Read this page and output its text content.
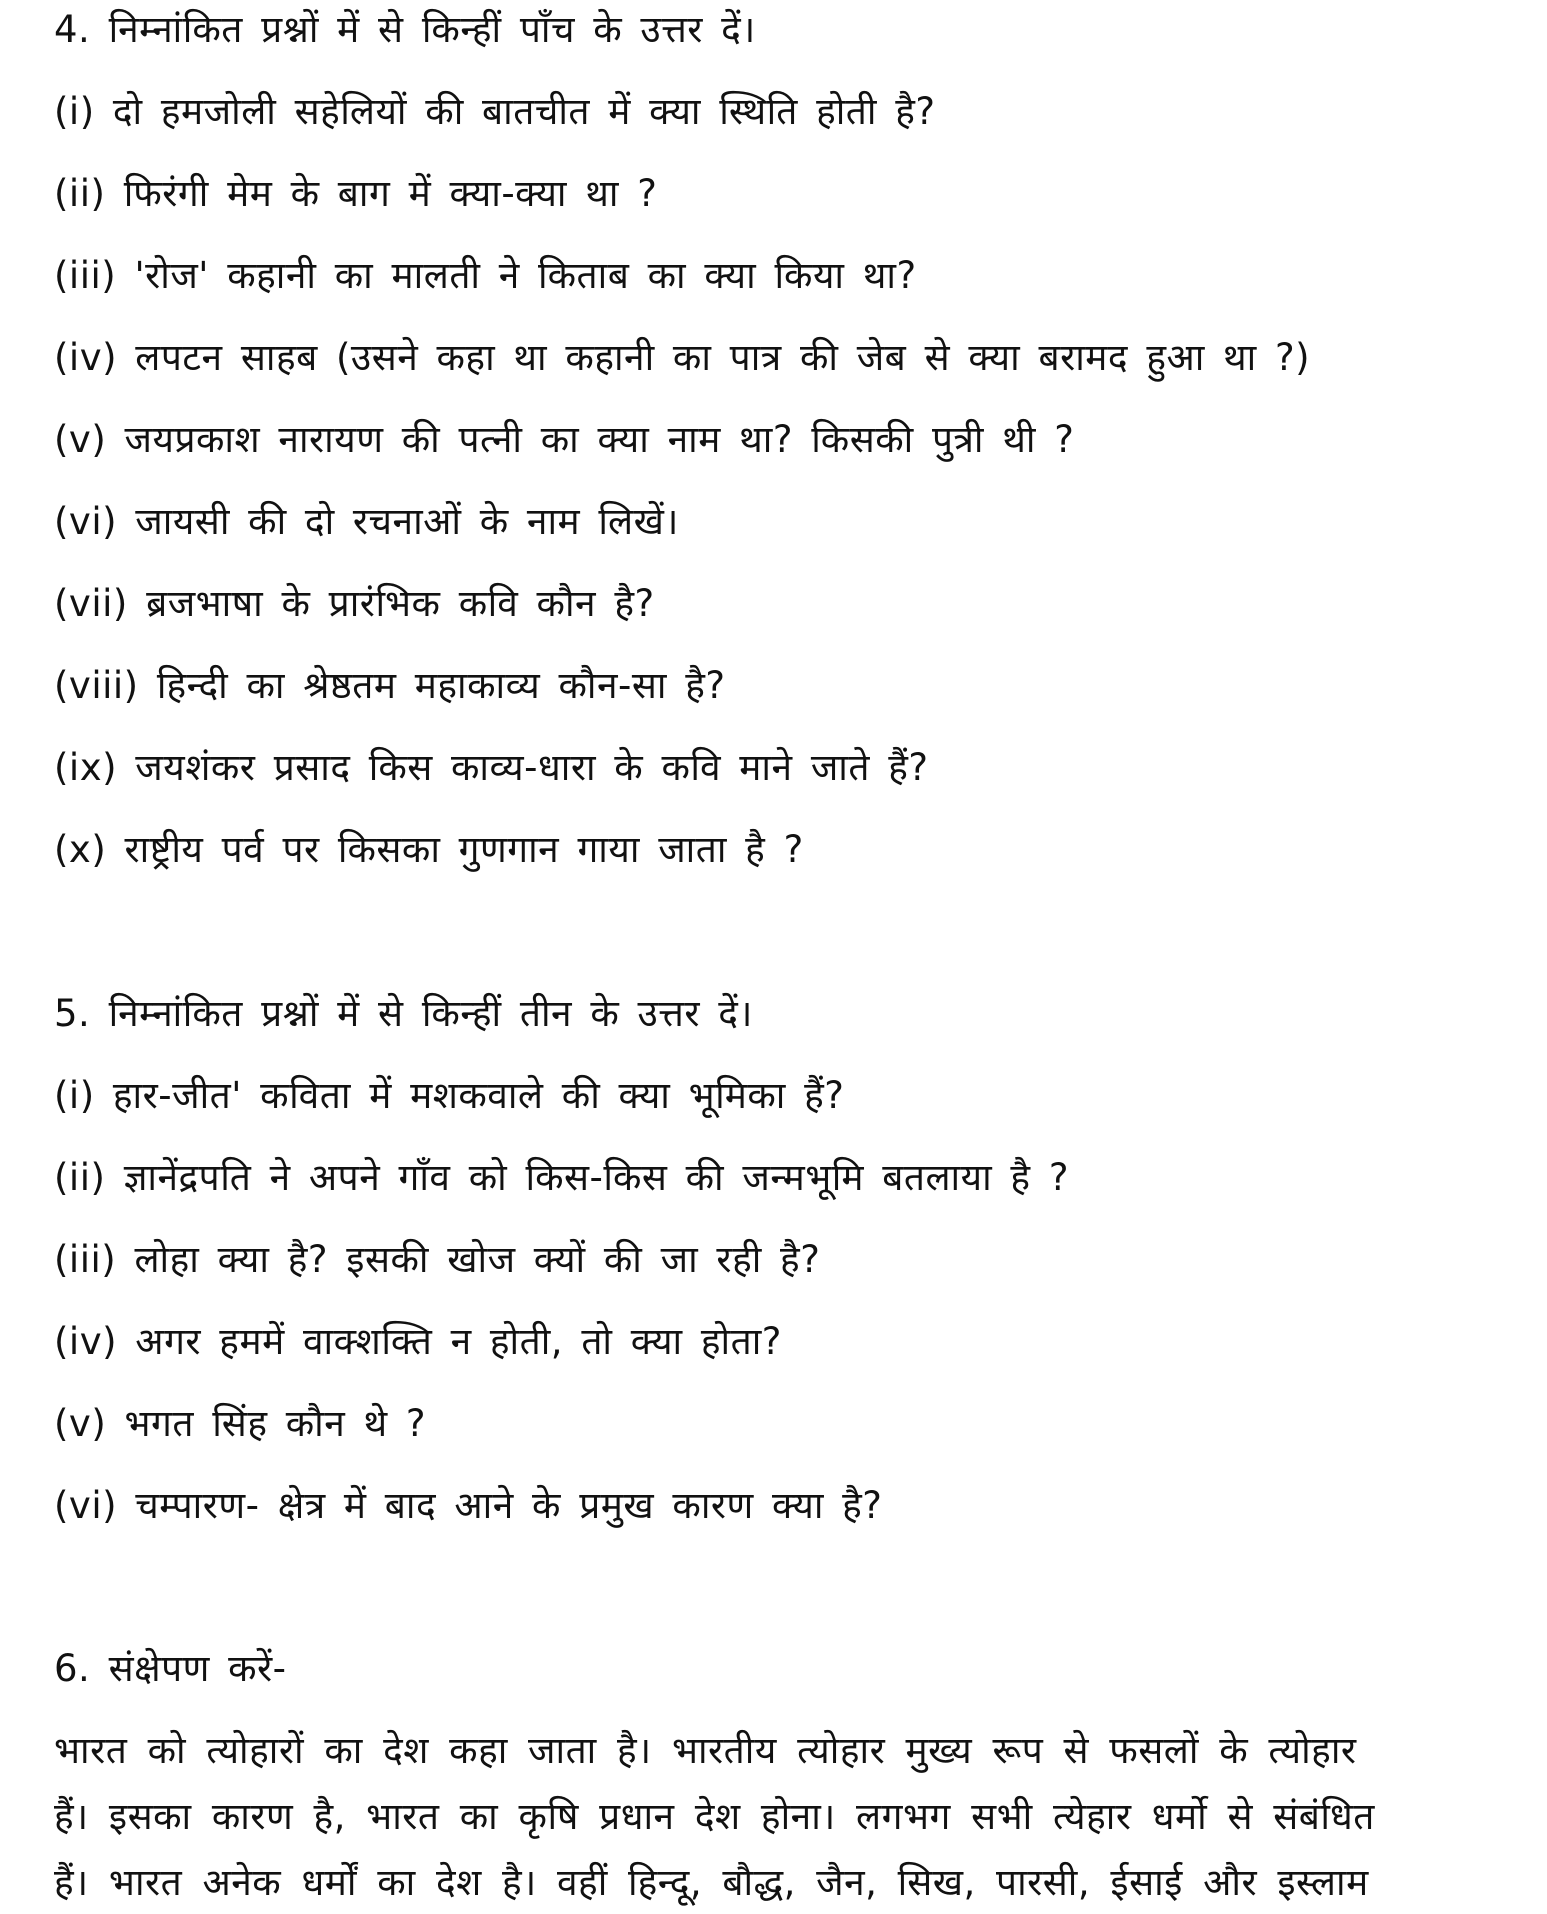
4. निम्नांकित प्रश्नों में से किन्हीं पाँच के उत्तर दें।
(i) दो हमजोली सहेलियों की बातचीत में क्या स्थिति होती है?
(ii) फिरंगी मेम के बाग में क्या-क्या था ?
(iii) 'रोज' कहानी का मालती ने किताब का क्या किया था?
(iv) लपटन साहब (उसने कहा था कहानी का पात्र की जेब से क्या बरामद हुआ था ?)
(v) जयप्रकाश नारायण की पत्नी का क्या नाम था? किसकी पुत्री थी ?
(vi) जायसी की दो रचनाओं के नाम लिखें।
(vii) ब्रजभाषा के प्रारंभिक कवि कौन है?
(viii) हिन्दी का श्रेष्ठतम महाकाव्य कौन-सा है?
(ix) जयशंकर प्रसाद किस काव्य-धारा के कवि माने जाते हैं?
(x) राष्ट्रीय पर्व पर किसका गुणगान गाया जाता है ?
5. निम्नांकित प्रश्नों में से किन्हीं तीन के उत्तर दें।
(i) हार-जीत' कविता में मशकवाले की क्या भूमिका हैं?
(ii) ज्ञानेंद्रपति ने अपने गाँव को किस-किस की जन्मभूमि बतलाया है ?
(iii) लोहा क्या है? इसकी खोज क्यों की जा रही है?
(iv) अगर हममें वाक्शक्ति न होती, तो क्या होता?
(v) भगत सिंह कौन थे ?
(vi) चम्पारण- क्षेत्र में बाद आने के प्रमुख कारण क्या है?
6. संक्षेपण करें-
भारत को त्योहारों का देश कहा जाता है। भारतीय त्योहार मुख्य रूप से फसलों के त्योहार
हैं। इसका कारण है, भारत का कृषि प्रधान देश होना। लगभग सभी त्येहार धर्मो से संबंधित
हैं। भारत अनेक धर्मों का देश है। वहीं हिन्दू, बौद्ध, जैन, सिख, पारसी, ईसाई और इस्लाम
